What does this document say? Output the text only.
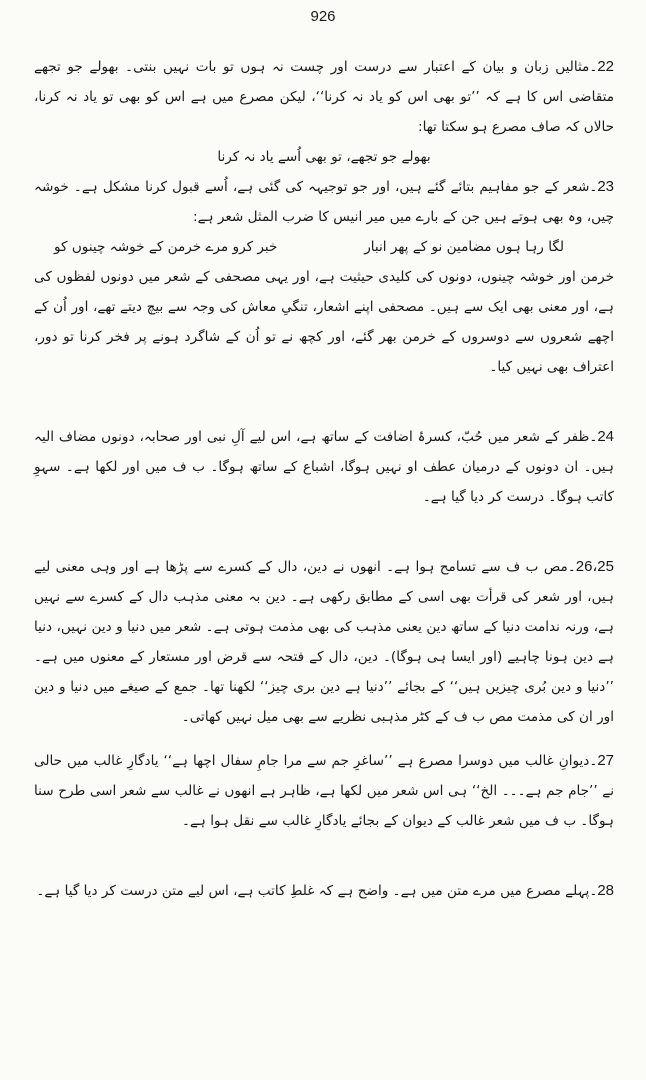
926

22۔مثالیں زبان و بیان کے اعتبار سے درست اور چست نہ ہوں تو بات نہیں بنتی۔ بھولے جو تجھے متقاضی اس کا ہے کہ ’’تو بھی اس کو یاد نہ کرنا‘‘، لیکن مصرع میں ہے اس کو بھی تو یاد نہ کرنا، حالاں کہ صاف مصرع ہو سکتا تھا:

بھولے جو تجھے، تو بھی اُسے یاد نہ کرنا

23۔شعر کے جو مفاہیم بتائے گئے ہیں، اور جو توجیہہ کی گئی ہے، اُسے قبول کرنا مشکل ہے۔ خوشہ چیں، وہ بھی ہوتے ہیں جن کے بارے میں میر انیس کا ضرب المثل شعر ہے:

لگا رہا ہوں مضامین نو کے پھر انبار
خبر کرو مرے خرمن کے خوشہ چینوں کو

خرمن اور خوشہ چینوں، دونوں کی کلیدی حیثیت ہے، اور یہی مصحفی کے شعر میں دونوں لفظوں کی ہے، اور معنی بھی ایک سے ہیں۔ مصحفی اپنے اشعار، تنگیِ معاش کی وجہ سے بیچ دیتے تھے، اور اُن کے اچھے شعروں سے دوسروں کے خرمن بھر گئے، اور کچھ نے تو اُن کے شاگرد ہونے پر فخر کرنا تو دور، اعتراف بھی نہیں کیا۔

24۔ظفر کے شعر میں حُبّ، کسرۂ اضافت کے ساتھ ہے، اس لیے آلِ نبی اور صحابہ، دونوں مضاف الیہ ہیں۔ ان دونوں کے درمیان عطف او نہیں ہوگا، اشباع کے ساتھ ہوگا۔ ب ف میں اور لکھا ہے۔ سہوِ کاتب ہوگا۔ درست کر دیا گیا ہے۔

26،25۔مص ب ف سے تسامح ہوا ہے۔ انھوں نے دین، دال کے کسرے سے پڑھا ہے اور وہی معنی لیے ہیں، اور شعر کی قرأت بھی اسی کے مطابق رکھی ہے۔ دین بہ معنی مذہب دال کے کسرے سے نہیں ہے، ورنہ ندامت دنیا کے ساتھ دین یعنی مذہب کی بھی مذمت ہوتی ہے۔ شعر میں دنیا و دین نہیں، دنیا ہے دین ہونا چاہیے (اور ایسا ہی ہوگا)۔ دین، دال کے فتحہ سے قرض اور مستعار کے معنوں میں ہے۔ ’’دنیا و دین بُری چیزیں ہیں‘‘ کے بجائے ’’دنیا ہے دین بری چیز‘‘ لکھنا تھا۔ جمع کے صیغے میں دنیا و دین اور ان کی مذمت مص ب ف کے کٹر مذہبی نظریے سے بھی میل نہیں کھاتی۔

27۔دیوانِ غالب میں دوسرا مصرع ہے ’’ساغرِ جم سے مرا جامِ سفال اچھا ہے‘‘ یادگارِ غالب میں حالی نے ’’جام جم ہے۔۔۔ الخ‘‘ ہی اس شعر میں لکھا ہے، ظاہر ہے انھوں نے غالب سے شعر اسی طرح سنا ہوگا۔ ب ف میں شعر غالب کے دیوان کے بجائے یادگارِ غالب سے نقل ہوا ہے۔

28۔پہلے مصرع میں مرے متن میں ہے۔ واضح ہے کہ غلطِ کاتب ہے، اس لیے متن درست کر دیا گیا ہے۔
